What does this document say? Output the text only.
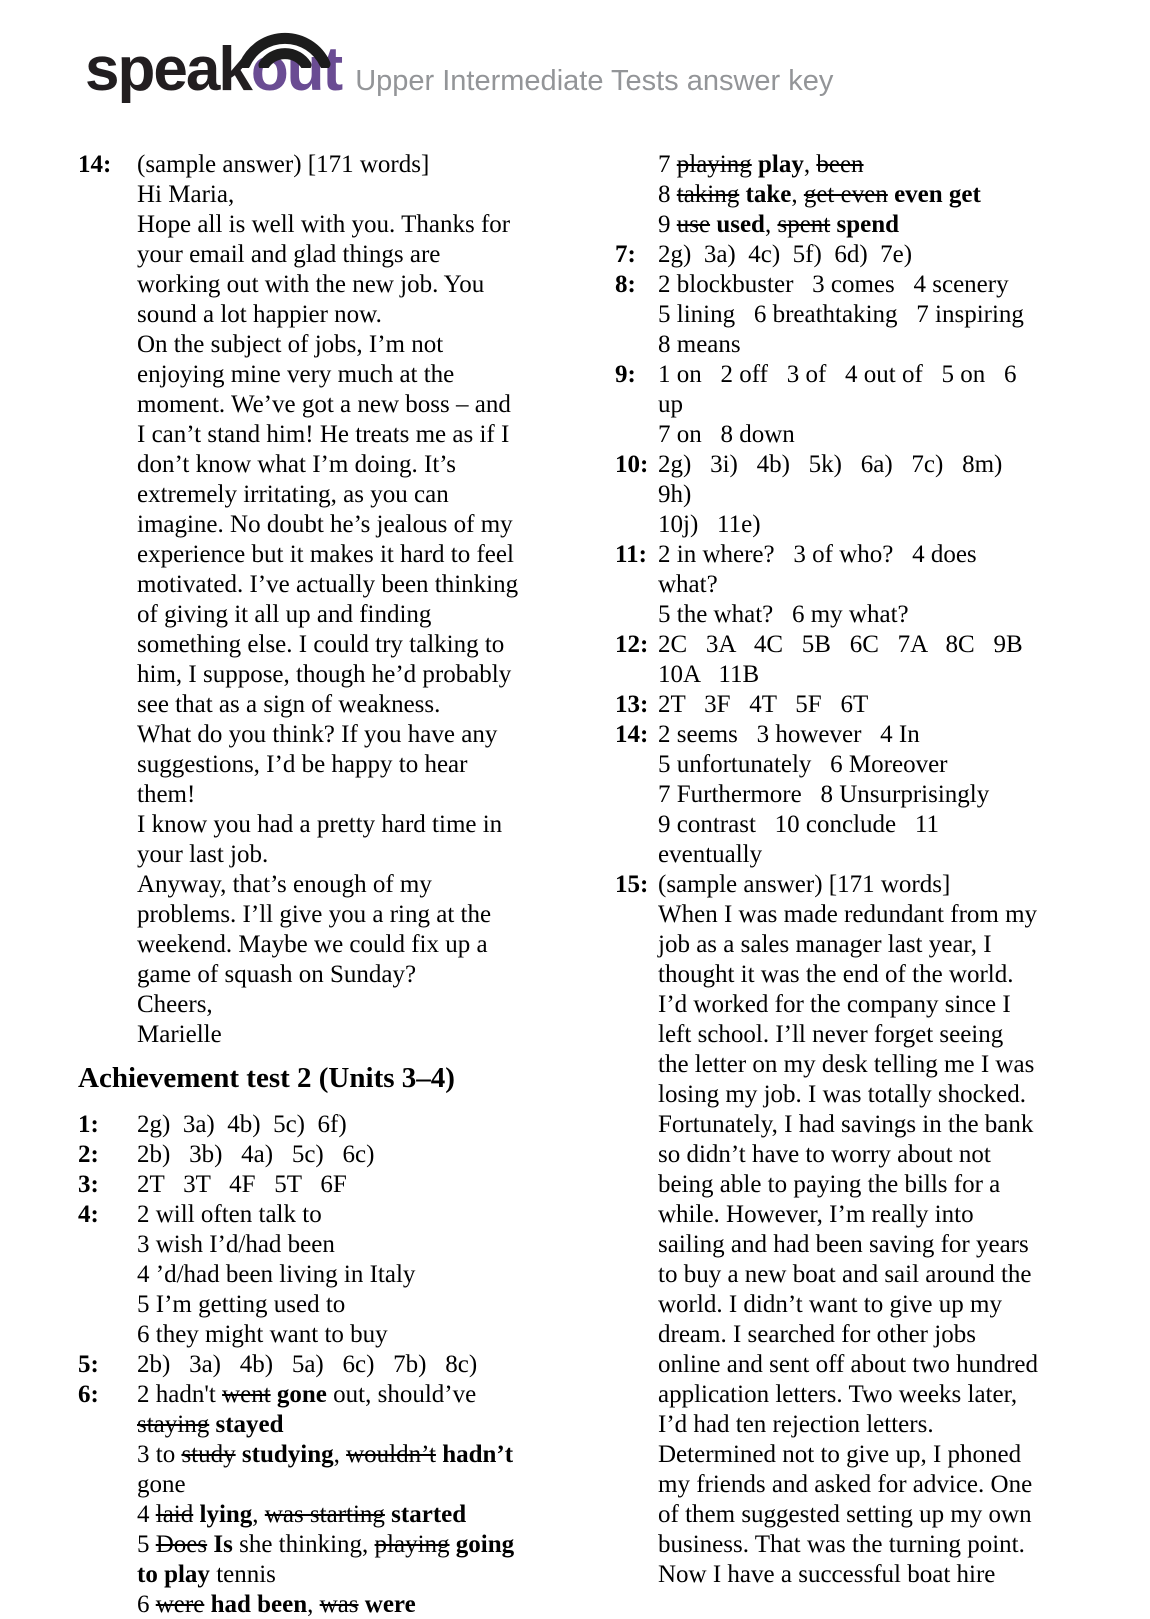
speakout Upper Intermediate Tests answer key
14:	(sample answer) [171 words]
Hi Maria,
Hope all is well with you. Thanks for
your email and glad things are
working out with the new job. You
sound a lot happier now.
On the subject of jobs, I’m not
enjoying mine very much at the
moment. We’ve got a new boss – and
I can’t stand him! He treats me as if I
don’t know what I’m doing. It’s
extremely irritating, as you can
imagine. No doubt he’s jealous of my
experience but it makes it hard to feel
motivated. I’ve actually been thinking
of giving it all up and finding
something else. I could try talking to
him, I suppose, though he’d probably
see that as a sign of weakness.
What do you think? If you have any
suggestions, I’d be happy to hear
them!
I know you had a pretty hard time in
your last job.
Anyway, that’s enough of my
problems. I’ll give you a ring at the
weekend. Maybe we could fix up a
game of squash on Sunday?
Cheers,
Marielle
Achievement test 2 (Units 3–4)
1:	2g)  3a)  4b)  5c)  6f)
2:	2b)   3b)   4a)   5c)   6c)
3:	2T   3T   4F   5T   6F
4:	2 will often talk to
3 wish I’d/had been
4 ’d/had been living in Italy
5 I’m getting used to
6 they might want to buy
5:	2b)   3a)   4b)   5a)   6c)   7b)   8c)
6:	2 hadn't went gone out, should’ve
staying stayed
3 to study studying, wouldn’t hadn’t
gone
4 laid lying, was starting started
5 Does Is she thinking, playing going
to play tennis
6 were had been, was were
7 playing play, been
8 taking take, get even even get
9 use used, spent spend
7: 2g)  3a)  4c)  5f)  6d)  7e)
8: 2 blockbuster   3 comes   4 scenery
5 lining   6 breathtaking   7 inspiring
8 means
9: 1 on   2 off   3 of   4 out of   5 on   6
up
7 on   8 down
10: 2g)   3i)   4b)   5k)   6a)   7c)   8m)
9h)
10j)   11e)
11: 2 in where?   3 of who?   4 does
what?
5 the what?   6 my what?
12: 2C   3A   4C   5B   6C   7A   8C   9B
10A   11B
13: 2T   3F   4T   5F   6T
14: 2 seems   3 however   4 In
5 unfortunately   6 Moreover
7 Furthermore   8 Unsurprisingly
9 contrast   10 conclude   11
eventually
15: (sample answer) [171 words]
When I was made redundant from my
job as a sales manager last year, I
thought it was the end of the world.
I’d worked for the company since I
left school. I’ll never forget seeing
the letter on my desk telling me I was
losing my job. I was totally shocked.
Fortunately, I had savings in the bank
so didn’t have to worry about not
being able to paying the bills for a
while. However, I’m really into
sailing and had been saving for years
to buy a new boat and sail around the
world. I didn’t want to give up my
dream. I searched for other jobs
online and sent off about two hundred
application letters. Two weeks later,
I’d had ten rejection letters.
Determined not to give up, I phoned
my friends and asked for advice. One
of them suggested setting up my own
business. That was the turning point.
Now I have a successful boat hire
